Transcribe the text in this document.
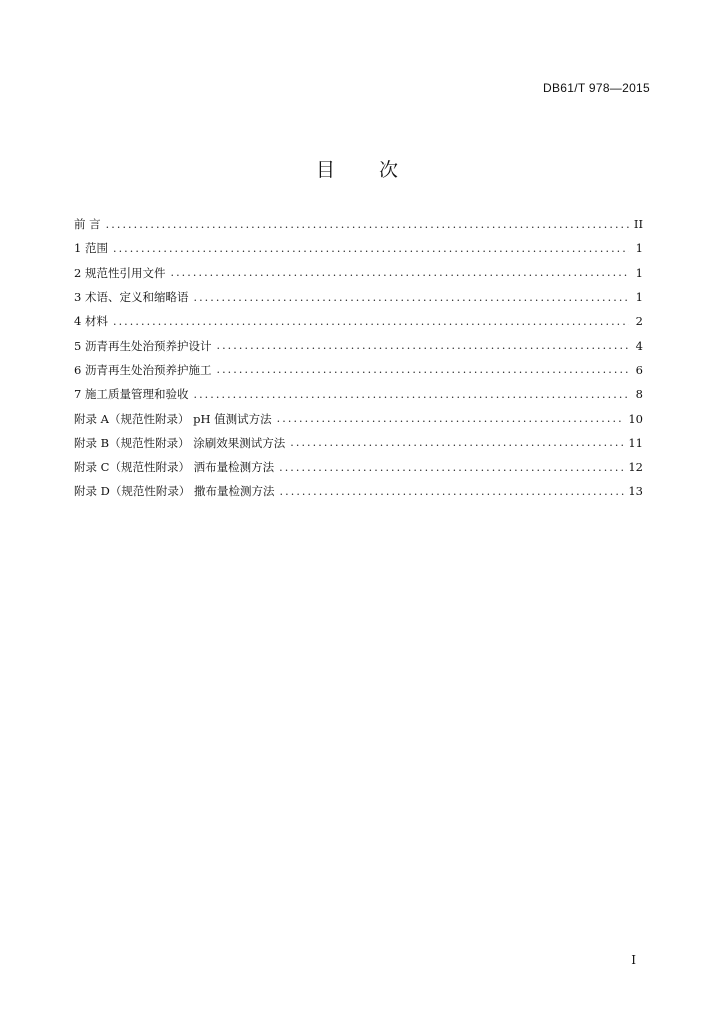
DB61/T 978—2015
目 次
前 言 .....	II
1 范围 .....	1
2 规范性引用文件 .....	1
3 术语、定义和缩略语 .....	1
4 材料 .....	2
5 沥青再生处治预养护设计 .....	4
6 沥青再生处治预养护施工 .....	6
7 施工质量管理和验收 .....	8
附录 A（规范性附录） pH 值测试方法 .....	10
附录 B（规范性附录） 涂刷效果测试方法 .....	11
附录 C（规范性附录） 洒布量检测方法 .....	12
附录 D（规范性附录） 撒布量检测方法 .....	13
I
